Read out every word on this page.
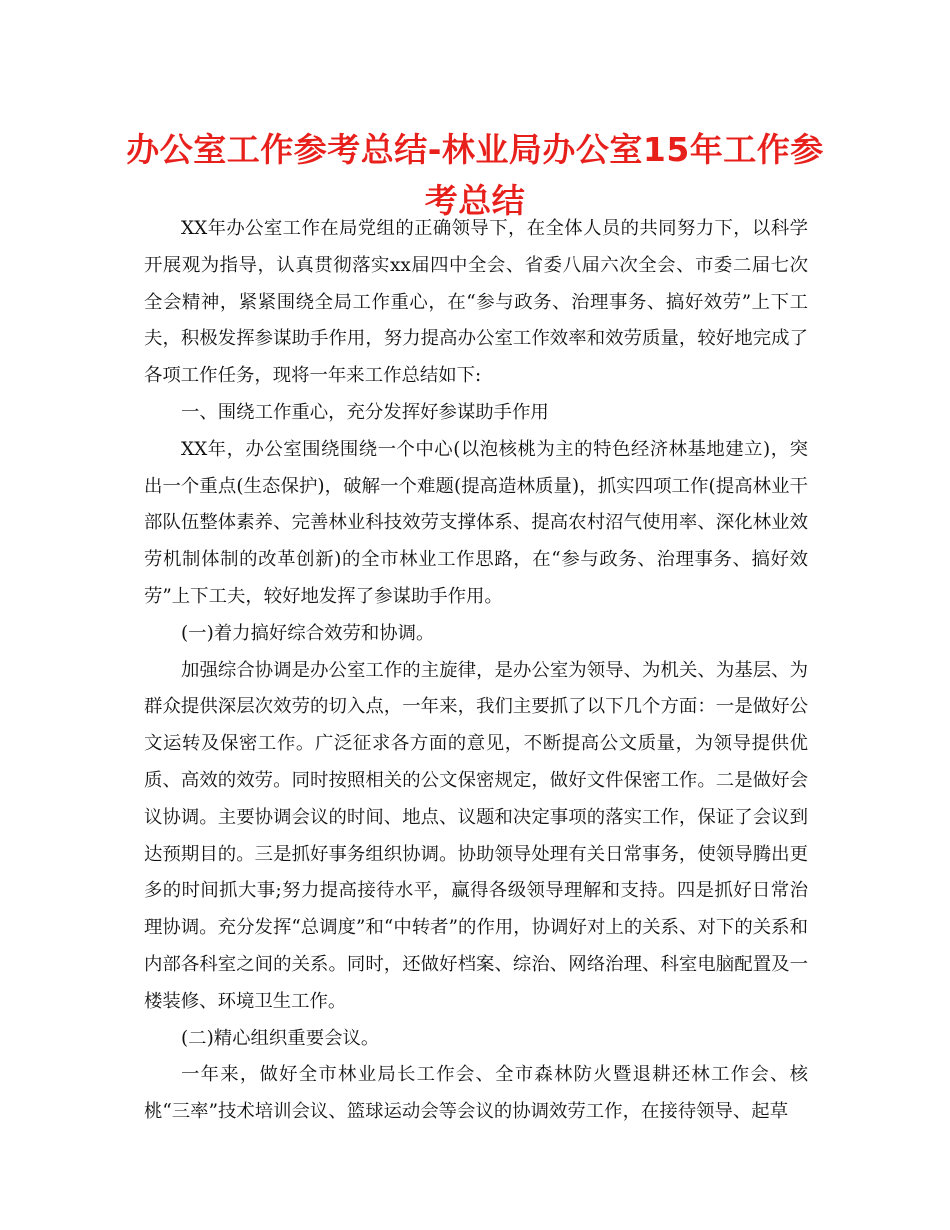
办公室工作参考总结-林业局办公室15年工作参考总结

XX年办公室工作在局党组的正确领导下，在全体人员的共同努力下，以科学开展观为指导，认真贯彻落实xx届四中全会、省委八届六次全会、市委二届七次全会精神，紧紧围绕全局工作重心，在“参与政务、治理事务、搞好效劳”上下工夫，积极发挥参谋助手作用，努力提高办公室工作效率和效劳质量，较好地完成了各项工作任务，现将一年来工作总结如下:

一、围绕工作重心，充分发挥好参谋助手作用

XX年，办公室围绕围绕一个中心(以泡核桃为主的特色经济林基地建立)，突出一个重点(生态保护)，破解一个难题(提高造林质量)，抓实四项工作(提高林业干部队伍整体素养、完善林业科技效劳支撑体系、提高农村沼气使用率、深化林业效劳机制体制的改革创新)的全市林业工作思路，在“参与政务、治理事务、搞好效劳”上下工夫，较好地发挥了参谋助手作用。

(一)着力搞好综合效劳和协调。

加强综合协调是办公室工作的主旋律，是办公室为领导、为机关、为基层、为群众提供深层次效劳的切入点，一年来，我们主要抓了以下几个方面：一是做好公文运转及保密工作。广泛征求各方面的意见，不断提高公文质量，为领导提供优质、高效的效劳。同时按照相关的公文保密规定，做好文件保密工作。二是做好会议协调。主要协调会议的时间、地点、议题和决定事项的落实工作，保证了会议到达预期目的。三是抓好事务组织协调。协助领导处理有关日常事务，使领导腾出更多的时间抓大事;努力提高接待水平，赢得各级领导理解和支持。四是抓好日常治理协调。充分发挥“总调度”和“中转者”的作用，协调好对上的关系、对下的关系和内部各科室之间的关系。同时，还做好档案、综治、网络治理、科室电脑配置及一楼装修、环境卫生工作。

(二)精心组织重要会议。

一年来，做好全市林业局长工作会、全市森林防火暨退耕还林工作会、核桃“三率”技术培训会议、篮球运动会等会议的协调效劳工作，在接待领导、起草
